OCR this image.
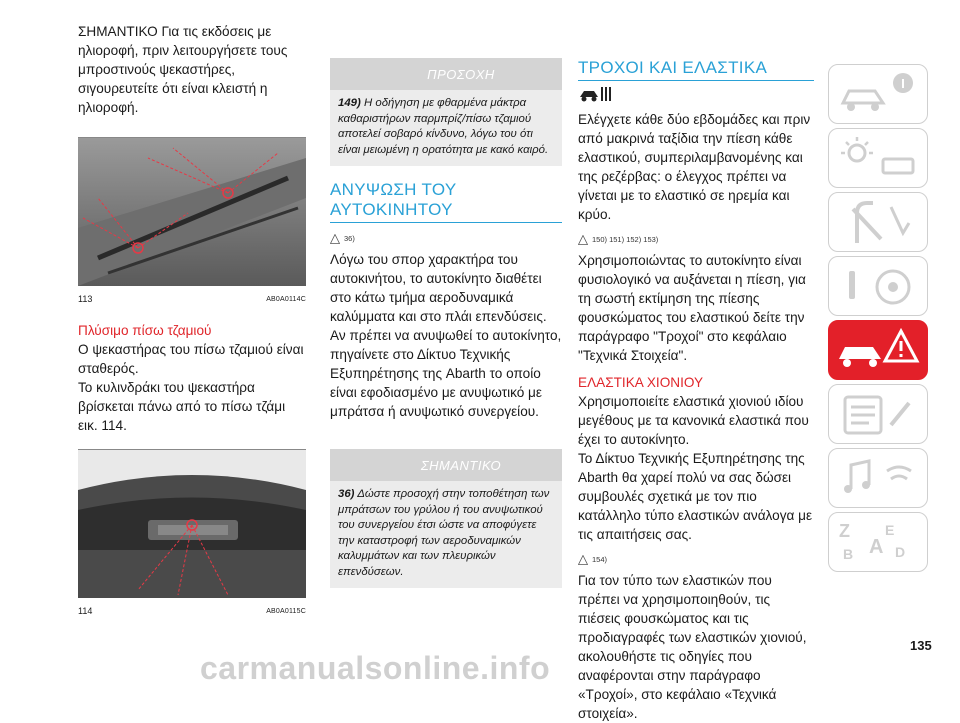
ΣΗΜΑΝΤΙΚΟ Για τις εκδόσεις με ηλιοροφή, πριν λειτουργήσετε τους μπροστινούς ψεκαστήρες, σιγουρευτείτε ότι είναι κλειστή η ηλιοροφή.

113	AB0A0114C
Πλύσιμο πίσω τζαμιού

Ο ψεκαστήρας του πίσω τζαμιού είναι σταθερός.

Το κυλινδράκι του ψεκαστήρα βρίσκεται πάνω από το πίσω τζάμι εικ. 114.

114	AB0A0115C
ΠΡΟΣΟΧΗ
149) Η οδήγηση με φθαρμένα μάκτρα καθαριστήρων παρμπρίζ/πίσω τζαμιού αποτελεί σοβαρό κίνδυνο, λόγω του ότι είναι μειωμένη η ορατότητα με κακό καιρό.
ΑΝΥΨΩΣΗ ΤΟΥ ΑΥΤΟΚΙΝΗΤΟΥ
36)

Λόγω του σπορ χαρακτήρα του αυτοκινήτου, το αυτοκίνητο διαθέτει στο κάτω τμήμα αεροδυναμικά καλύμματα και στο πλάι επενδύσεις. Αν πρέπει να ανυψωθεί το αυτοκίνητο, πηγαίνετε στο Δίκτυο Τεχνικής Εξυπηρέτησης της Abarth το οποίο είναι εφοδιασμένο με ανυψωτικό με μπράτσα ή ανυψωτικό συνεργείου.

ΣΗΜΑΝΤΙΚΟ
36) Δώστε προσοχή στην τοποθέτηση των μπράτσων του γρύλου ή του ανυψωτικού του συνεργείου έτσι ώστε να αποφύγετε την καταστροφή των αεροδυναμικών καλυμμάτων και των πλευρικών επενδύσεων.
ΤΡΟΧΟΙ ΚΑΙ ΕΛΑΣΤΙΚΑ

Ελέγχετε κάθε δύο εβδομάδες και πριν από μακρινά ταξίδια την πίεση κάθε ελαστικού, συμπεριλαμβανομένης και της ρεζέρβας: ο έλεγχος πρέπει να γίνεται με το ελαστικό σε ηρεμία και κρύο.

150) 151) 152) 153)

Χρησιμοποιώντας το αυτοκίνητο είναι φυσιολογικό να αυξάνεται η πίεση, για τη σωστή εκτίμηση της πίεσης φουσκώματος του ελαστικού δείτε την παράγραφο "Τροχοί" στο κεφάλαιο "Τεχνικά Στοιχεία".

ΕΛΑΣΤΙΚΑ ΧΙΟΝΙΟΥ

Χρησιμοποιείτε ελαστικά χιονιού ιδίου μεγέθους με τα κανονικά ελαστικά που έχει το αυτοκίνητο.

Το Δίκτυο Τεχνικής Εξυπηρέτησης της Abarth θα χαρεί πολύ να σας δώσει συμβουλές σχετικά με τον πιο κατάλληλο τύπο ελαστικών ανάλογα με τις απαιτήσεις σας.

154)

Για τον τύπο των ελαστικών που πρέπει να χρησιμοποιηθούν, τις πιέσεις φουσκώματος και τις προδιαγραφές των ελαστικών χιονιού, ακολουθήστε τις οδηγίες που αναφέρονται στην παράγραφο «Τροχοί», στο κεφάλαιο «Τεχνικά στοιχεία».

Z	E
B A D
135
carmanualsonline.info
